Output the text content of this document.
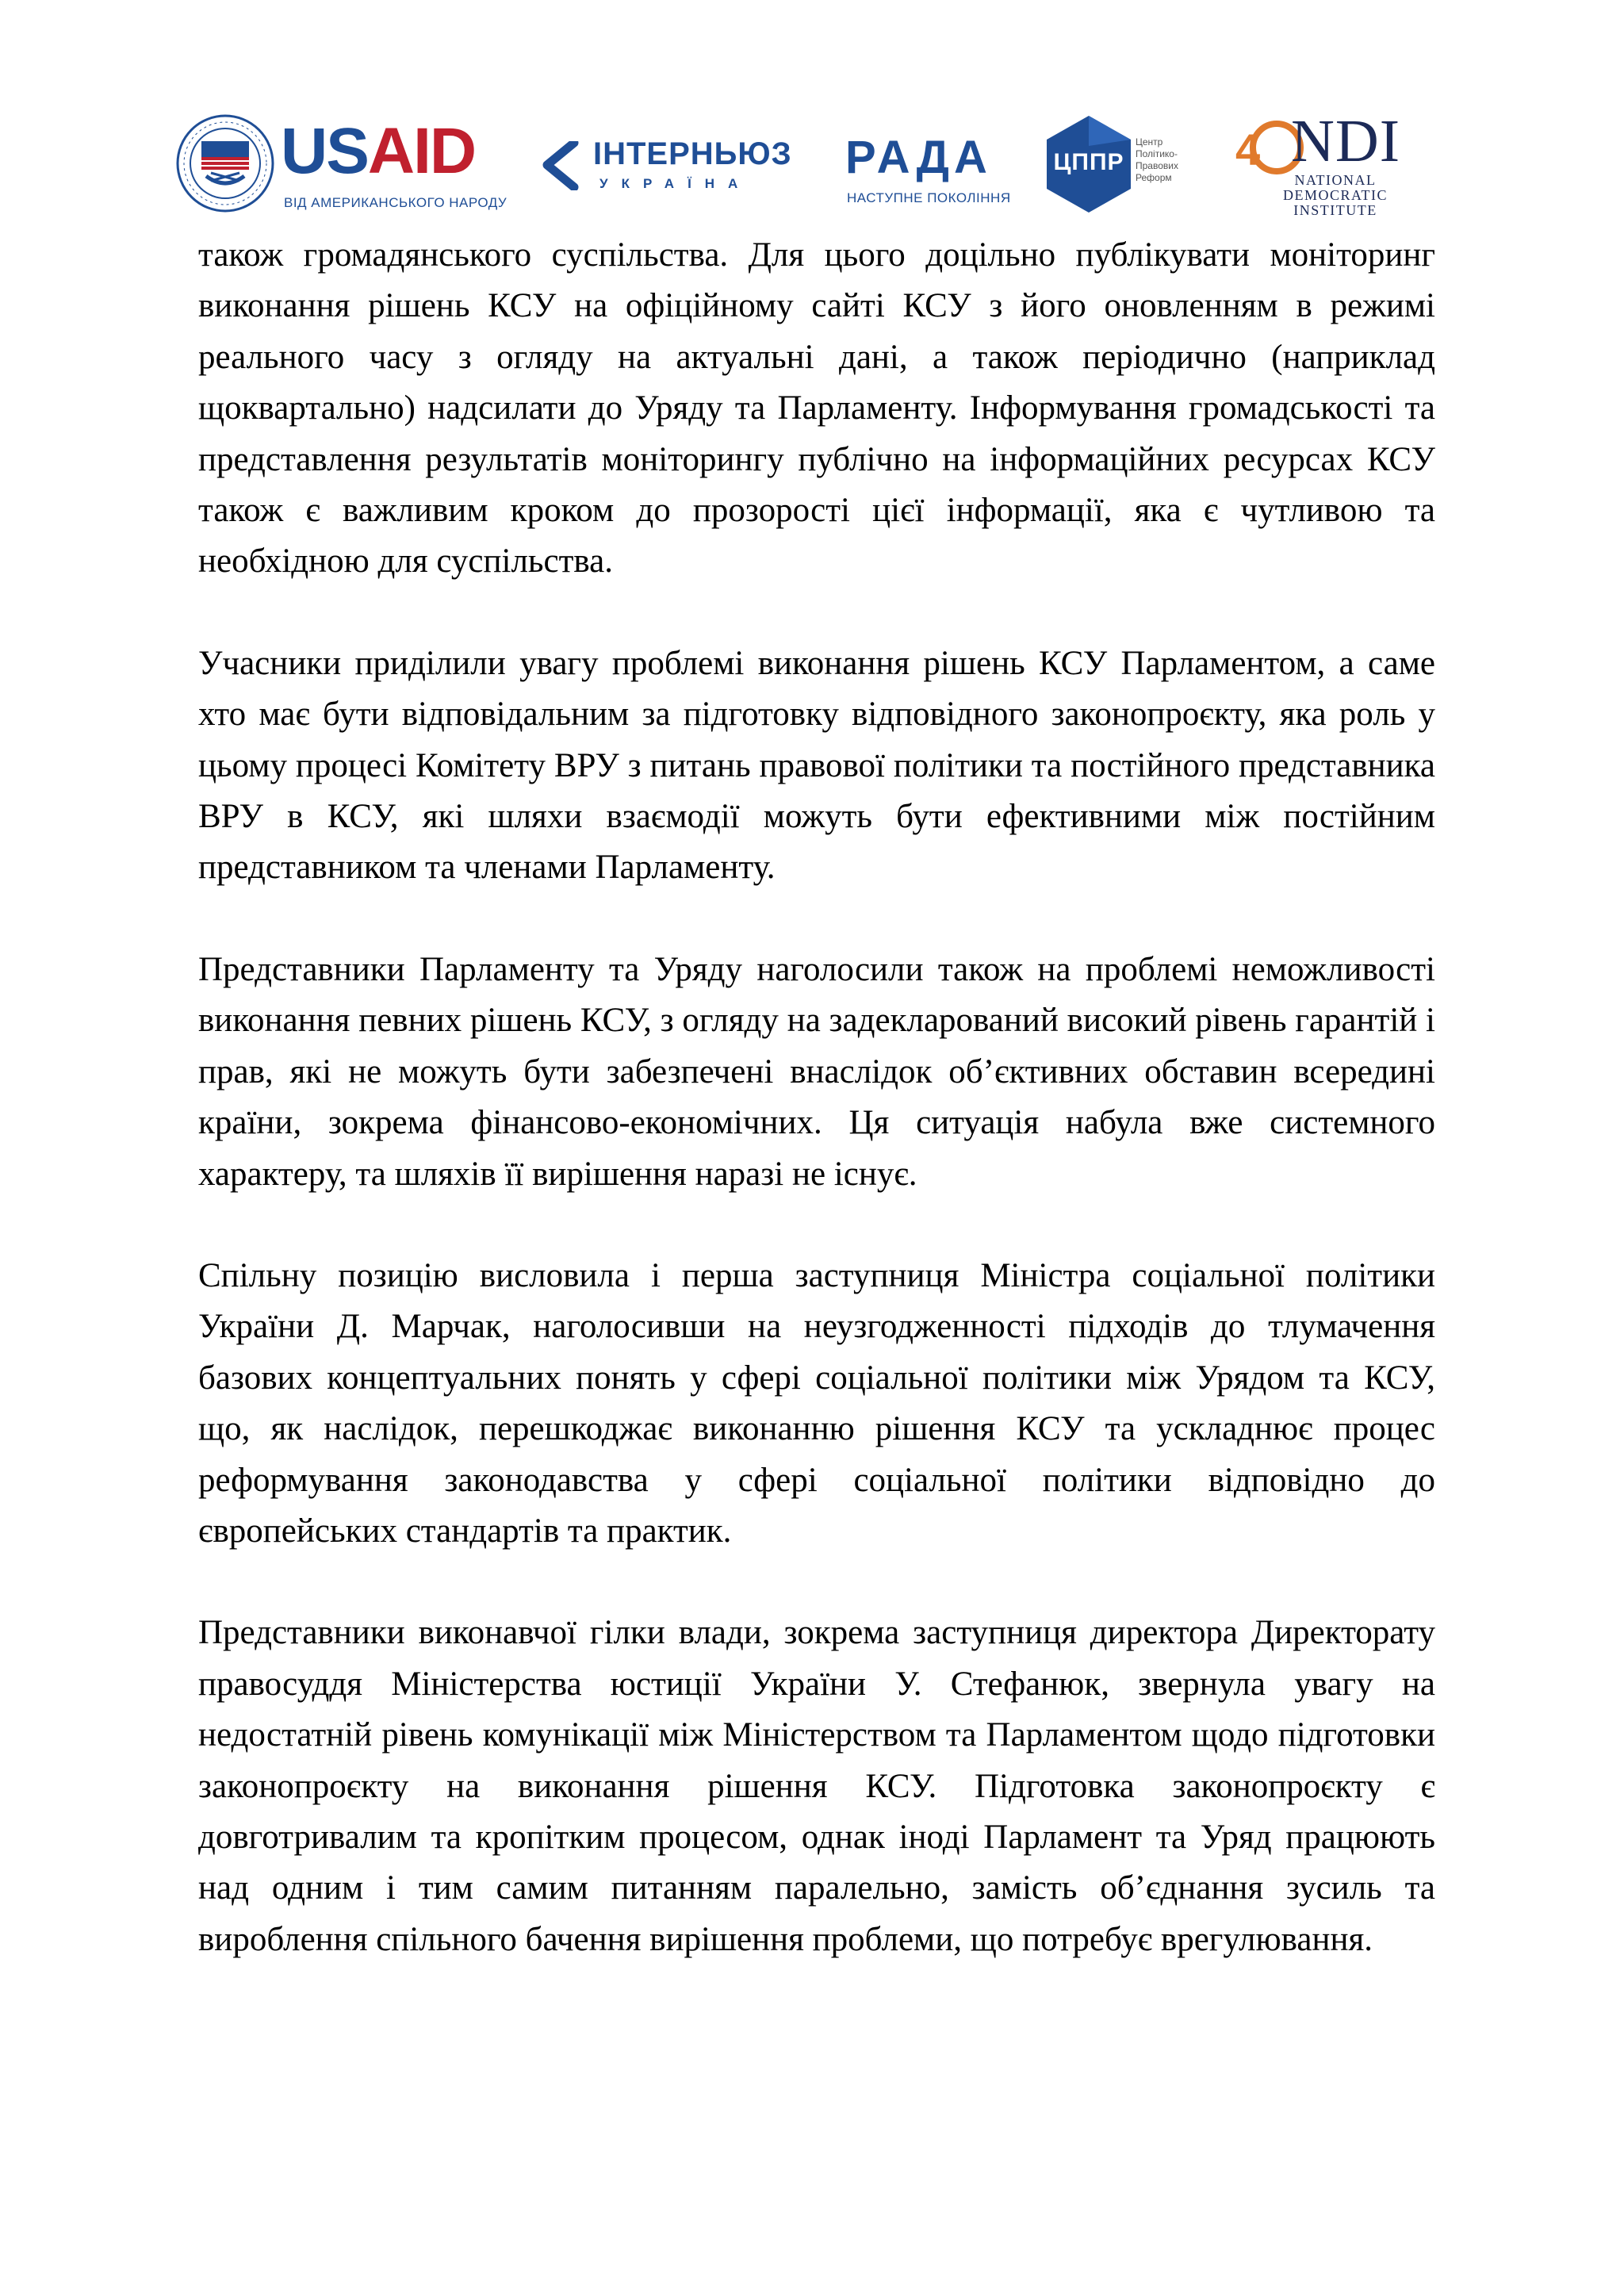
USAID
ВІД АМЕРИКАНСЬКОГО НАРОДУ
ІНТЕРНЬЮЗ
УКРАЇНА
РАДА
НАСТУПНЕ ПОКОЛІННЯ
ЦППР
Центр
Політико-
Правових
Реформ
4 NDI
NATIONAL
DEMOCRATIC
INSTITUTE

також громадянського суспільства. Для цього доцільно публікувати моніторинг виконання рішень КСУ на офіційному сайті КСУ з його оновленням в режимі реального часу з огляду на актуальні дані, а також періодично (наприклад щоквартально) надсилати до Уряду та Парламенту. Інформування громадськості та представлення результатів моніторингу публічно на інформаційних ресурсах КСУ також є важливим кроком до прозорості цієї інформації, яка є чутливою та необхідною для суспільства.

Учасники приділили увагу проблемі виконання рішень КСУ Парламентом, а саме хто має бути відповідальним за підготовку відповідного законопроєкту, яка роль у цьому процесі Комітету ВРУ з питань правової політики та постійного представника ВРУ в КСУ, які шляхи взаємодії можуть бути ефективними між постійним представником та членами Парламенту.

Представники Парламенту та Уряду наголосили також на проблемі неможливості виконання певних рішень КСУ, з огляду на задекларований високий рівень гарантій і прав, які не можуть бути забезпечені внаслідок об’єктивних обставин всередині країни, зокрема фінансово-економічних. Ця ситуація набула вже системного характеру, та шляхів її вирішення наразі не існує.

Спільну позицію висловила і перша заступниця Міністра соціальної політики України Д. Марчак, наголосивши на неузгодженності підходів до тлумачення базових концептуальних понять у сфері соціальної політики між Урядом та КСУ, що, як наслідок, перешкоджає виконанню рішення КСУ та ускладнює процес реформування законодавства у сфері соціальної політики відповідно до європейських стандартів та практик.

Представники виконавчої гілки влади, зокрема заступниця директора Директорату правосуддя Міністерства юстиції України У. Стефанюк, звернула увагу на недостатній рівень комунікації між Міністерством та Парламентом щодо підготовки законопроєкту на виконання рішення КСУ. Підготовка законопроєкту є довготривалим та кропітким процесом, однак іноді Парламент та Уряд працюють над одним і тим самим питанням паралельно, замість об’єднання зусиль та вироблення спільного бачення вирішення проблеми, що потребує врегулювання.
